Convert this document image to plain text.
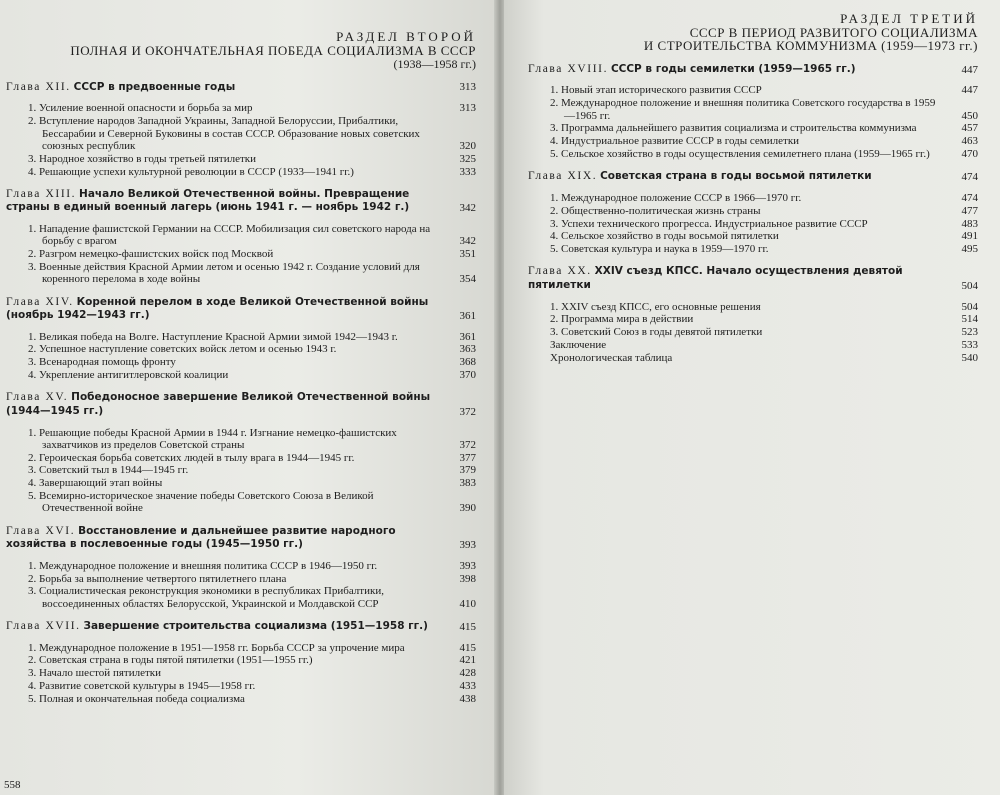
РАЗДЕЛ ВТОРОЙ
ПОЛНАЯ И ОКОНЧАТЕЛЬНАЯ ПОБЕДА СОЦИАЛИЗМА В СССР
(1938—1958 гг.)
Глава XII. СССР в предвоенные годы	313
1. Усиление военной опасности и борьба за мир	313
2. Вступление народов Западной Украины, Западной Белоруссии, Прибалтики, Бессарабии и Северной Буковины в состав СССР. Образование новых советских союзных республик	320
3. Народное хозяйство в годы третьей пятилетки	325
4. Решающие успехи культурной революции в СССР (1933—1941 гг.)	333
Глава XIII. Начало Великой Отечественной войны. Превращение страны в единый военный лагерь (июнь 1941 г. — ноябрь 1942 г.)	342
1. Нападение фашистской Германии на СССР. Мобилизация сил советского народа на борьбу с врагом	342
2. Разгром немецко-фашистских войск под Москвой	351
3. Военные действия Красной Армии летом и осенью 1942 г. Создание условий для коренного перелома в ходе войны	354
Глава XIV. Коренной перелом в ходе Великой Отечественной войны (ноябрь 1942—1943 гг.)	361
1. Великая победа на Волге. Наступление Красной Армии зимой 1942—1943 г.	361
2. Успешное наступление советских войск летом и осенью 1943 г.	363
3. Всенародная помощь фронту	368
4. Укрепление антигитлеровской коалиции	370
Глава XV. Победоносное завершение Великой Отечественной войны (1944—1945 гг.)	372
1. Решающие победы Красной Армии в 1944 г. Изгнание немецко-фашистских захватчиков из пределов Советской страны	372
2. Героическая борьба советских людей в тылу врага в 1944—1945 гг.	377
3. Советский тыл в 1944—1945 гг.	379
4. Завершающий этап войны	383
5. Всемирно-историческое значение победы Советского Союза в Великой Отечественной войне	390
Глава XVI. Восстановление и дальнейшее развитие народного хозяйства в послевоенные годы (1945—1950 гг.)	393
1. Международное положение и внешняя политика СССР в 1946—1950 гг.	393
2. Борьба за выполнение четвертого пятилетнего плана	398
3. Социалистическая реконструкция экономики в республиках Прибалтики, воссоединенных областях Белорусской, Украинской и Молдавской ССР	410
Глава XVII. Завершение строительства социализма (1951—1958 гг.)	415
1. Международное положение в 1951—1958 гг. Борьба СССР за упрочение мира	415
2. Советская страна в годы пятой пятилетки (1951—1955 гг.)	421
3. Начало шестой пятилетки	428
4. Развитие советской культуры в 1945—1958 гг.	433
5. Полная и окончательная победа социализма	438
558
РАЗДЕЛ ТРЕТИЙ
СССР В ПЕРИОД РАЗВИТОГО СОЦИАЛИЗМА
И СТРОИТЕЛЬСТВА КОММУНИЗМА (1959—1973 гг.)
Глава XVIII. СССР в годы семилетки (1959—1965 гг.)	447
1. Новый этап исторического развития СССР	447
2. Международное положение и внешняя политика Советского государства в 1959—1965 гг.	450
3. Программа дальнейшего развития социализма и строительства коммунизма	457
4. Индустриальное развитие СССР в годы семилетки	463
5. Сельское хозяйство в годы осуществления семилетнего плана (1959—1965 гг.)	470
Глава XIX. Советская страна в годы восьмой пятилетки	474
1. Международное положение СССР в 1966—1970 гг.	474
2. Общественно-политическая жизнь страны	477
3. Успехи технического прогресса. Индустриальное развитие СССР	483
4. Сельское хозяйство в годы восьмой пятилетки	491
5. Советская культура и наука в 1959—1970 гг.	495
Глава XX. XXIV съезд КПСС. Начало осуществления девятой пятилетки	504
1. XXIV съезд КПСС, его основные решения	504
2. Программа мира в действии	514
3. Советский Союз в годы девятой пятилетки	523
Заключение	533
Хронологическая таблица	540
